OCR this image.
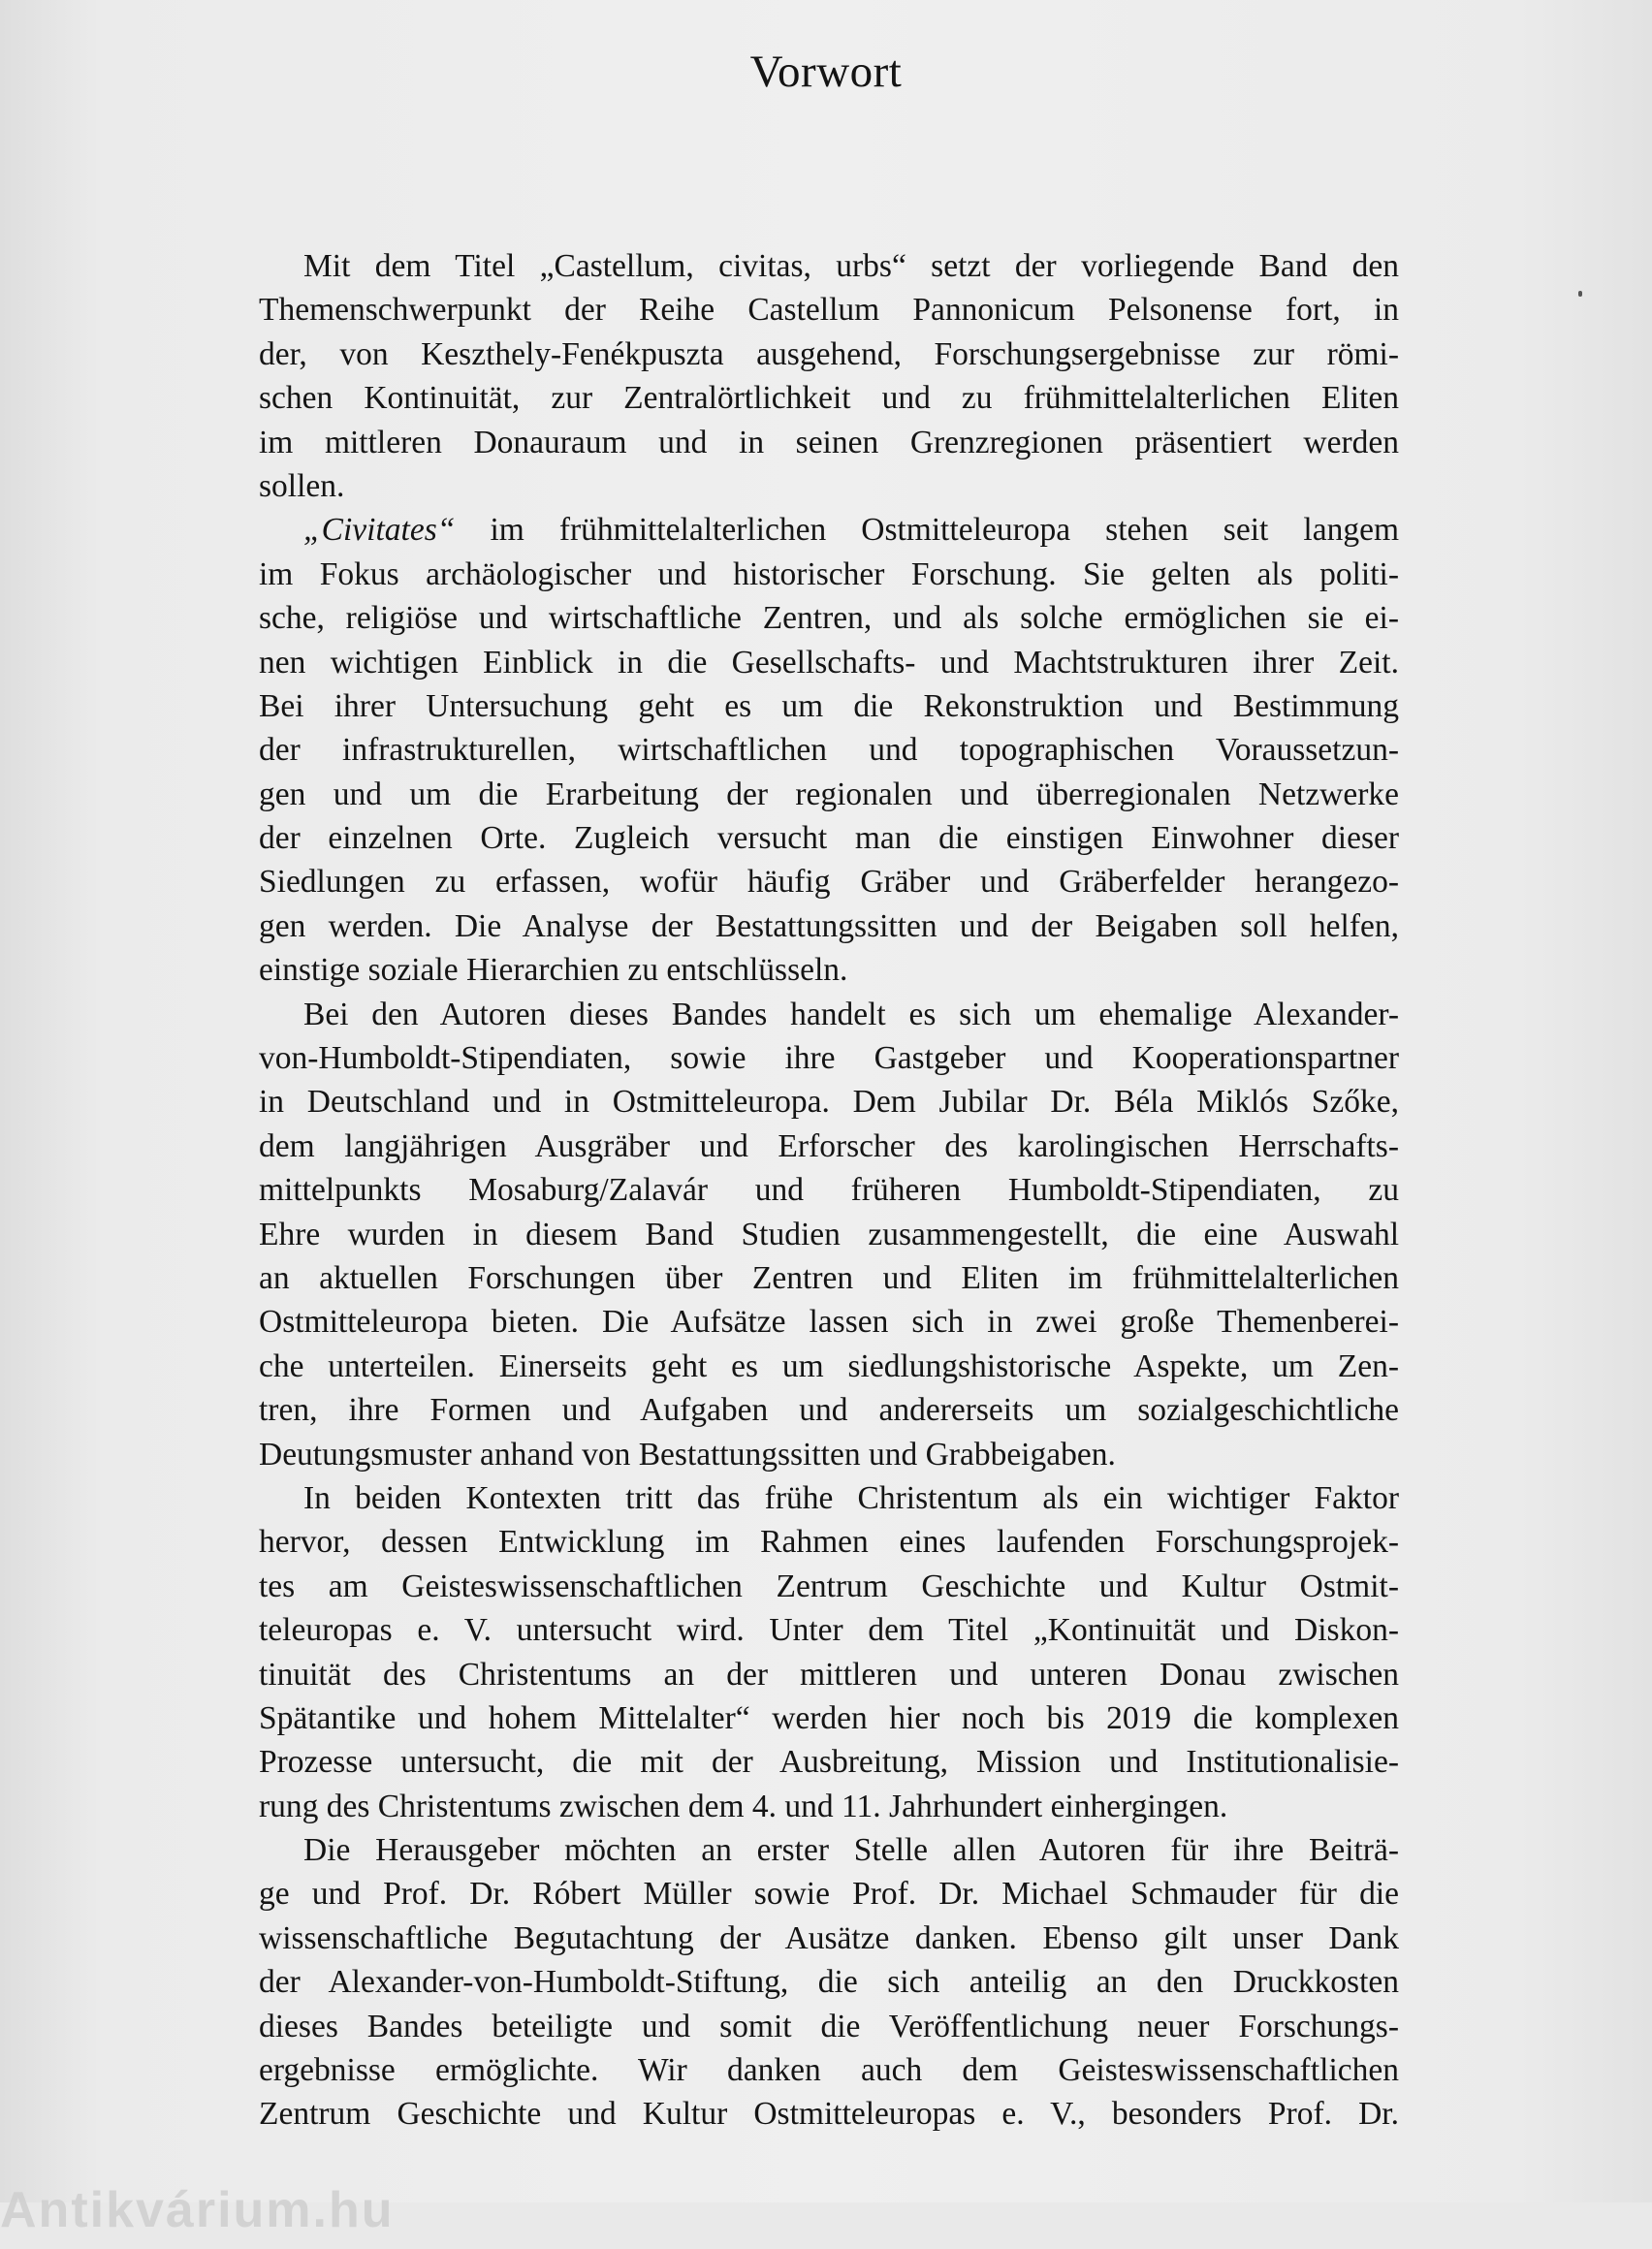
Vorwort

Mit dem Titel „Castellum, civitas, urbs“ setzt der vorliegende Band den
Themenschwerpunkt der Reihe Castellum Pannonicum Pelsonense fort, in
der, von Keszthely-Fenékpuszta ausgehend, Forschungsergebnisse zur römi-
schen Kontinuität, zur Zentralörtlichkeit und zu frühmittelalterlichen Eliten
im mittleren Donauraum und in seinen Grenzregionen präsentiert werden
sollen.

„Civitates“ im frühmittelalterlichen Ostmitteleuropa stehen seit langem
im Fokus archäologischer und historischer Forschung. Sie gelten als politi-
sche, religiöse und wirtschaftliche Zentren, und als solche ermöglichen sie ei-
nen wichtigen Einblick in die Gesellschafts- und Machtstrukturen ihrer Zeit.
Bei ihrer Untersuchung geht es um die Rekonstruktion und Bestimmung
der infrastrukturellen, wirtschaftlichen und topographischen Voraussetzun-
gen und um die Erarbeitung der regionalen und überregionalen Netzwerke
der einzelnen Orte. Zugleich versucht man die einstigen Einwohner dieser
Siedlungen zu erfassen, wofür häufig Gräber und Gräberfelder herangezo-
gen werden. Die Analyse der Bestattungssitten und der Beigaben soll helfen,
einstige soziale Hierarchien zu entschlüsseln.

Bei den Autoren dieses Bandes handelt es sich um ehemalige Alexander-
von-Humboldt-Stipendiaten, sowie ihre Gastgeber und Kooperationspartner
in Deutschland und in Ostmitteleuropa. Dem Jubilar Dr. Béla Miklós Szőke,
dem langjährigen Ausgräber und Erforscher des karolingischen Herrschafts-
mittelpunkts Mosaburg/Zalavár und früheren Humboldt-Stipendiaten, zu
Ehre wurden in diesem Band Studien zusammengestellt, die eine Auswahl
an aktuellen Forschungen über Zentren und Eliten im frühmittelalterlichen
Ostmitteleuropa bieten. Die Aufsätze lassen sich in zwei große Themenberei-
che unterteilen. Einerseits geht es um siedlungshistorische Aspekte, um Zen-
tren, ihre Formen und Aufgaben und andererseits um sozialgeschichtliche
Deutungsmuster anhand von Bestattungssitten und Grabbeigaben.

In beiden Kontexten tritt das frühe Christentum als ein wichtiger Faktor
hervor, dessen Entwicklung im Rahmen eines laufenden Forschungsprojek-
tes am Geisteswissenschaftlichen Zentrum Geschichte und Kultur Ostmit-
teleuropas e. V. untersucht wird. Unter dem Titel „Kontinuität und Diskon-
tinuität des Christentums an der mittleren und unteren Donau zwischen
Spätantike und hohem Mittelalter“ werden hier noch bis 2019 die komplexen
Prozesse untersucht, die mit der Ausbreitung, Mission und Institutionalisie-
rung des Christentums zwischen dem 4. und 11. Jahrhundert einhergingen.

Die Herausgeber möchten an erster Stelle allen Autoren für ihre Beiträ-
ge und Prof. Dr. Róbert Müller sowie Prof. Dr. Michael Schmauder für die
wissenschaftliche Begutachtung der Ausätze danken. Ebenso gilt unser Dank
der Alexander-von-Humboldt-Stiftung, die sich anteilig an den Druckkosten
dieses Bandes beteiligte und somit die Veröffentlichung neuer Forschungs-
ergebnisse ermöglichte. Wir danken auch dem Geisteswissenschaftlichen
Zentrum Geschichte und Kultur Ostmitteleuropas e. V., besonders Prof. Dr.

Antikvárium.hu
